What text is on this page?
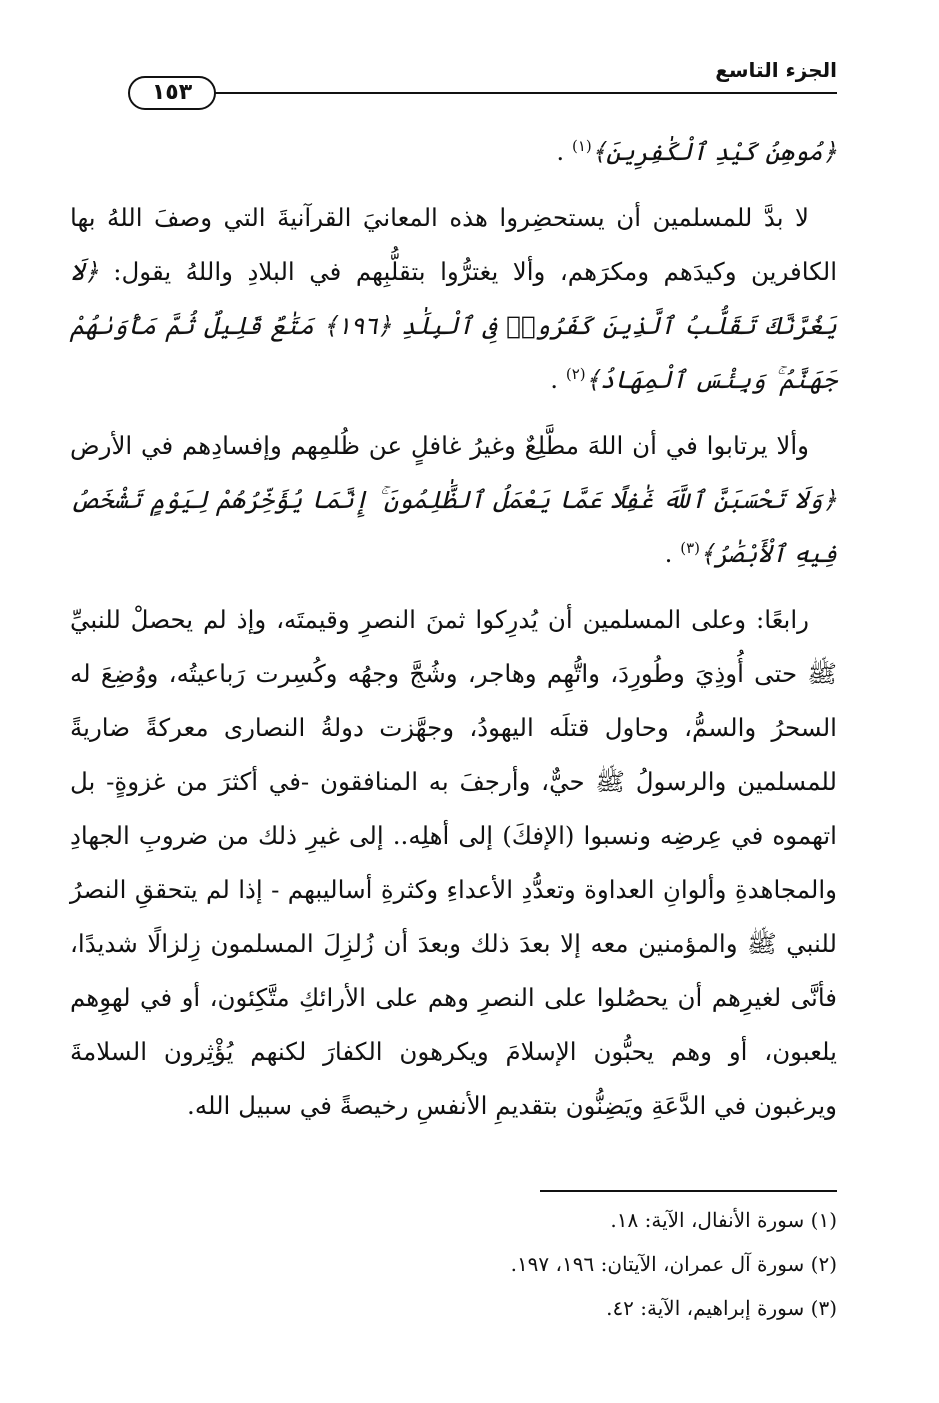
الجزء التاسع
١٥٣

﴿مُوهِنُ كَيْدِ ٱلْكَٰفِرِينَ﴾$^{(١)}$ .

لا بدَّ للمسلمين أن يستحضِروا هذه المعانيَ القرآنيةَ التي وصفَ اللهُ بها الكافرين وكيدَهم ومكرَهم، وألا يغترُّوا بتقلُّبِهم في البلادِ واللهُ يقول: ﴿لَا يَغُرَّنَّكَ تَقَلُّبُ ٱلَّذِينَ كَفَرُوا۟ فِى ٱلْبِلَٰدِ ﴿١٩٦﴾ مَتَٰعٌ قَلِيلٌ ثُمَّ مَأْوَىٰهُمْ جَهَنَّمُ ۚ وَبِئْسَ ٱلْمِهَادُ﴾$^{(٢)}$ .

وألا يرتابوا في أن اللهَ مطَّلِعٌ وغيرُ غافلٍ عن ظُلمِهم وإفسادِهم في الأرض ﴿وَلَا تَحْسَبَنَّ ٱللَّهَ غَٰفِلًا عَمَّا يَعْمَلُ ٱلظَّٰلِمُونَ ۚ إِنَّمَا يُؤَخِّرُهُمْ لِيَوْمٍ تَشْخَصُ فِيهِ ٱلْأَبْصَٰرُ﴾$^{(٣)}$ .

رابعًا: وعلى المسلمين أن يُدرِكوا ثمنَ النصرِ وقيمتَه، وإذ لم يحصلْ للنبيِّ ﷺ حتى أُوذِيَ وطُورِدَ، واتُّهِم وهاجر، وشُجَّ وجهُه وكُسِرت رَباعيتُه، ووُضِعَ له السحرُ والسمُّ، وحاول قتلَه اليهودُ، وجهَّزت دولةُ النصارى معركةً ضاريةً للمسلمين والرسولُ ﷺ حيٌّ، وأرجفَ به المنافقون -في أكثرَ من غزوةٍ- بل اتهموه في عِرضِه ونسبوا (الإفكَ) إلى أهلِه.. إلى غيرِ ذلك من ضروبِ الجهادِ والمجاهدةِ وألوانِ العداوة وتعدُّدِ الأعداءِ وكثرةِ أساليبهم - إذا لم يتحققِ النصرُ للنبي ﷺ والمؤمنين معه إلا بعدَ ذلك وبعدَ أن زُلزِلَ المسلمون زِلزالًا شديدًا، فأنَّى لغيرِهم أن يحصُلوا على النصرِ وهم على الأرائكِ متَّكِئون، أو في لهوِهم يلعبون، أو وهم يحبُّون الإسلامَ ويكرهون الكفارَ لكنهم يُؤْثِرون السلامةَ ويرغبون في الدَّعَةِ ويَضِنُّون بتقديمِ الأنفسِ رخيصةً في سبيل الله.

(١) سورة الأنفال، الآية: ١٨.

(٢) سورة آل عمران، الآيتان: ١٩٦، ١٩٧.

(٣) سورة إبراهيم، الآية: ٤٢.
